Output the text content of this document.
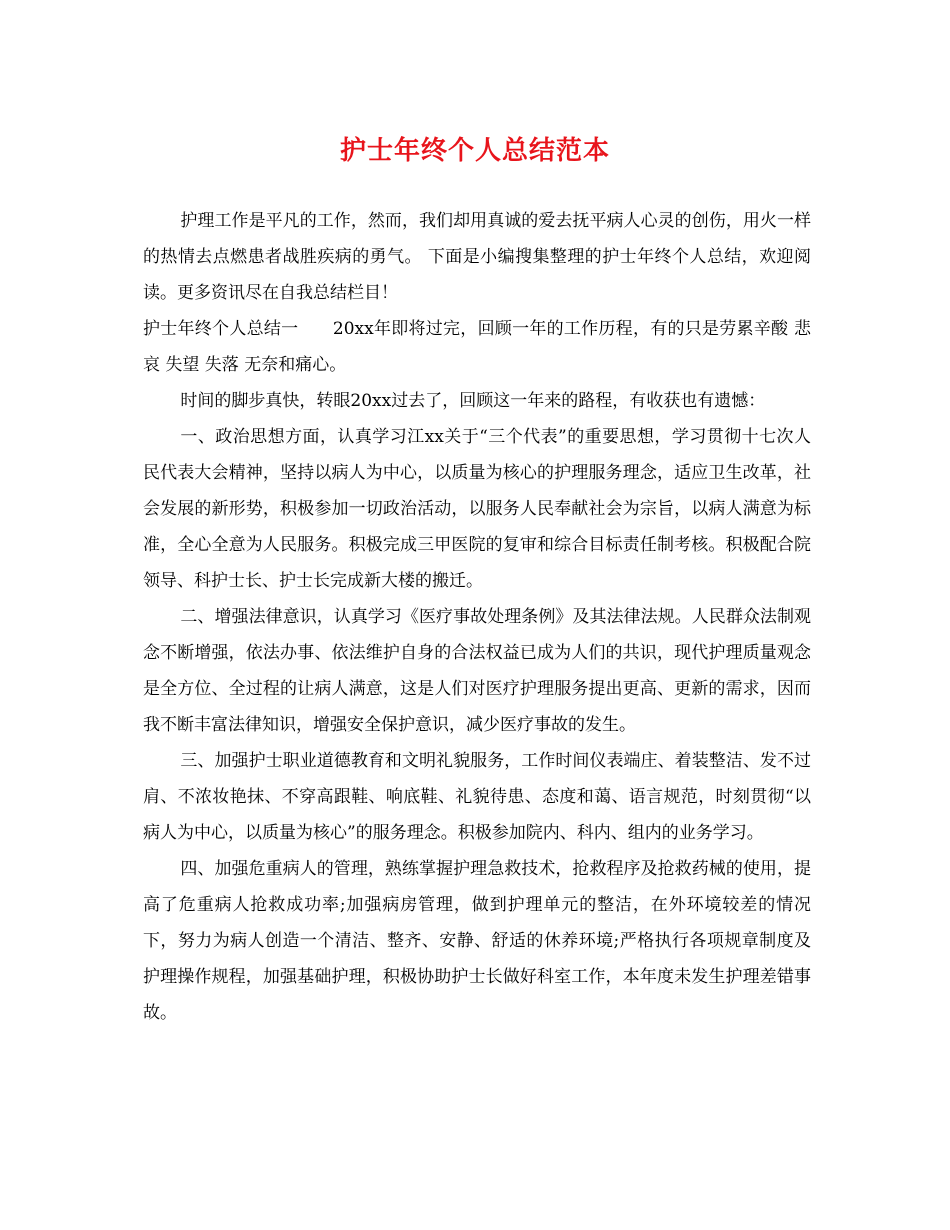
护士年终个人总结范本

护理工作是平凡的工作，然而，我们却用真诚的爱去抚平病人心灵的创伤，用火一样的热情去点燃患者战胜疾病的勇气。 下面是小编搜集整理的护士年终个人总结，欢迎阅读。更多资讯尽在自我总结栏目！

护士年终个人总结一　　20xx年即将过完，回顾一年的工作历程，有的只是劳累辛酸 悲哀 失望 失落 无奈和痛心。

时间的脚步真快，转眼20xx过去了，回顾这一年来的路程，有收获也有遗憾：

一、政治思想方面，认真学习江xx关于“三个代表”的重要思想，学习贯彻十七次人民代表大会精神，坚持以病人为中心，以质量为核心的护理服务理念，适应卫生改革，社会发展的新形势，积极参加一切政治活动，以服务人民奉献社会为宗旨，以病人满意为标准，全心全意为人民服务。积极完成三甲医院的复审和综合目标责任制考核。积极配合院领导、科护士长、护士长完成新大楼的搬迁。

二、增强法律意识，认真学习《医疗事故处理条例》及其法律法规。人民群众法制观念不断增强，依法办事、依法维护自身的合法权益已成为人们的共识，现代护理质量观念是全方位、全过程的让病人满意，这是人们对医疗护理服务提出更高、更新的需求，因而我不断丰富法律知识，增强安全保护意识，减少医疗事故的发生。

三、加强护士职业道德教育和文明礼貌服务，工作时间仪表端庄、着装整洁、发不过肩、不浓妆艳抹、不穿高跟鞋、响底鞋、礼貌待患、态度和蔼、语言规范，时刻贯彻“以病人为中心，以质量为核心”的服务理念。积极参加院内、科内、组内的业务学习。

四、加强危重病人的管理，熟练掌握护理急救技术，抢救程序及抢救药械的使用，提高了危重病人抢救成功率;加强病房管理，做到护理单元的整洁，在外环境较差的情况下，努力为病人创造一个清洁、整齐、安静、舒适的休养环境;严格执行各项规章制度及护理操作规程，加强基础护理，积极协助护士长做好科室工作，本年度未发生护理差错事故。
